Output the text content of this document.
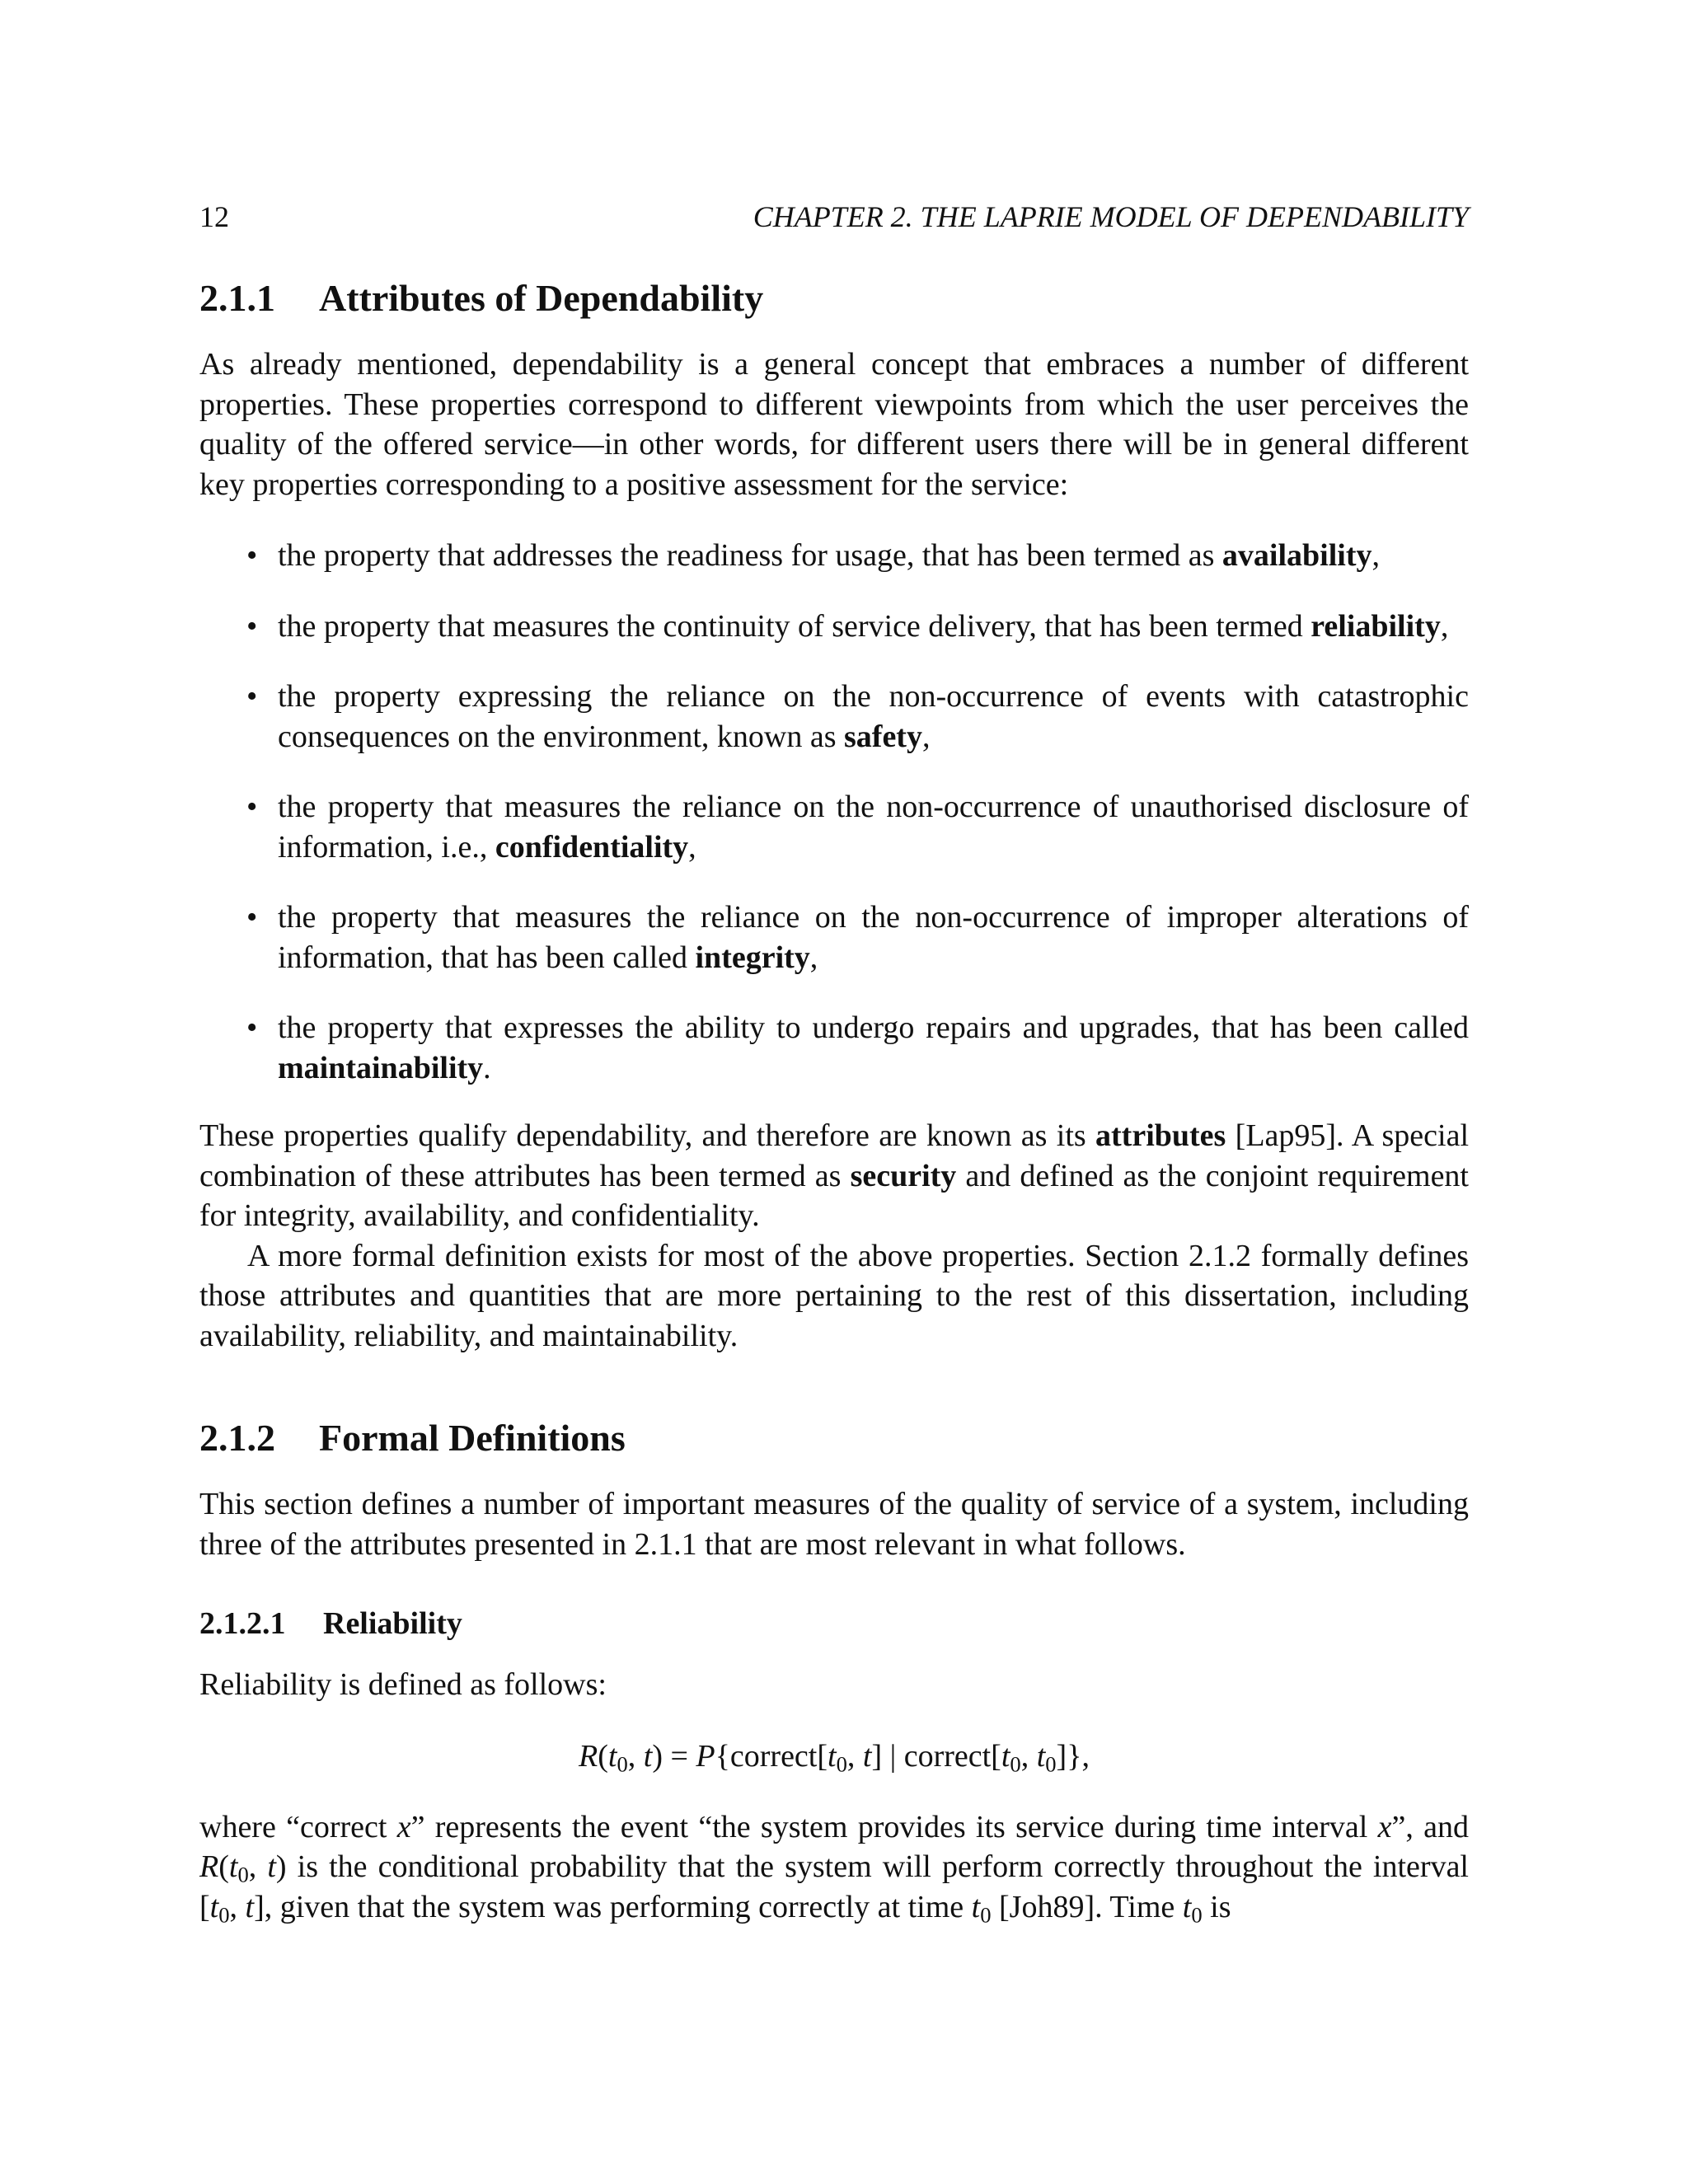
12	CHAPTER 2. THE LAPRIE MODEL OF DEPENDABILITY
2.1.1 Attributes of Dependability

As already mentioned, dependability is a general concept that embraces a number of different properties. These properties correspond to different viewpoints from which the user perceives the quality of the offered service—in other words, for different users there will be in general different key properties corresponding to a positive assessment for the service:

• the property that addresses the readiness for usage, that has been termed as availability,
• the property that measures the continuity of service delivery, that has been termed reliability,
• the property expressing the reliance on the non-occurrence of events with catastrophic consequences on the environment, known as safety,
• the property that measures the reliance on the non-occurrence of unauthorised disclosure of information, i.e., confidentiality,
• the property that measures the reliance on the non-occurrence of improper alterations of information, that has been called integrity,
• the property that expresses the ability to undergo repairs and upgrades, that has been called maintainability.

These properties qualify dependability, and therefore are known as its attributes [Lap95]. A special combination of these attributes has been termed as security and defined as the conjoint requirement for integrity, availability, and confidentiality.

A more formal definition exists for most of the above properties. Section 2.1.2 formally defines those attributes and quantities that are more pertaining to the rest of this dissertation, including availability, reliability, and maintainability.

2.1.2 Formal Definitions

This section defines a number of important measures of the quality of service of a system, including three of the attributes presented in 2.1.1 that are most relevant in what follows.

2.1.2.1 Reliability

Reliability is defined as follows:

$R(t_0$, $t) = P\{correct[t_0$, t] | $correct[t_0$, $t_0$]},

where “correct x” represents the event “the system provides its service during time interval x”, and $R(t_0$, t) is the conditional probability that the system will perform correctly throughout the interval [$t_0$, t], given that the system was performing correctly at time $t_0$ [Joh89]. Time $t_0$ is
